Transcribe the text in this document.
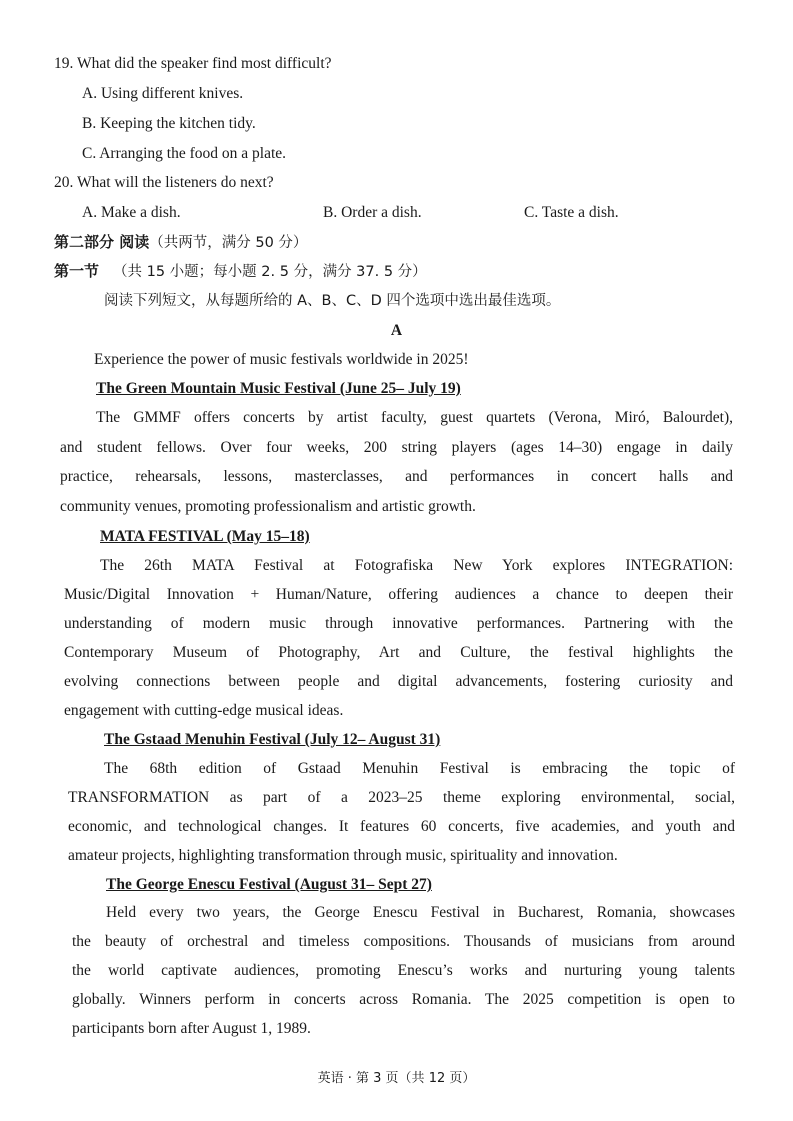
19. What did the speaker find most difficult?
A. Using different knives.
B. Keeping the kitchen tidy.
C. Arranging the food on a plate.
20. What will the listeners do next?
A. Make a dish.	B. Order a dish.	C. Taste a dish.
第二部分 阅读（共两节，满分 50 分）
第一节 （共 15 小题；每小题 2. 5 分，满分 37. 5 分）
阅读下列短文，从每题所给的 A、B、C、D 四个选项中选出最佳选项。
A
Experience the power of music festivals worldwide in 2025!
The Green Mountain Music Festival (June 25– July 19)
The GMMF offers concerts by artist faculty, guest quartets (Verona, Miró, Balourdet),
and student fellows. Over four weeks, 200 string players (ages 14–30) engage in daily
practice, rehearsals, lessons, masterclasses, and performances in concert halls and
community venues, promoting professionalism and artistic growth.
MATA FESTIVAL (May 15–18)
The 26th MATA Festival at Fotografiska New York explores INTEGRATION:
Music/Digital Innovation + Human/Nature, offering audiences a chance to deepen their
understanding of modern music through innovative performances. Partnering with the
Contemporary Museum of Photography, Art and Culture, the festival highlights the
evolving connections between people and digital advancements, fostering curiosity and
engagement with cutting-edge musical ideas.
The Gstaad Menuhin Festival (July 12– August 31)
The 68th edition of Gstaad Menuhin Festival is embracing the topic of
TRANSFORMATION as part of a 2023–25 theme exploring environmental, social,
economic, and technological changes. It features 60 concerts, five academies, and youth and
amateur projects, highlighting transformation through music, spirituality and innovation.
The George Enescu Festival (August 31– Sept 27)
Held every two years, the George Enescu Festival in Bucharest, Romania, showcases
the beauty of orchestral and timeless compositions. Thousands of musicians from around
the world captivate audiences, promoting Enescu’s works and nurturing young talents
globally. Winners perform in concerts across Romania. The 2025 competition is open to
participants born after August 1, 1989.
英语 · 第 3 页（共 12 页）
